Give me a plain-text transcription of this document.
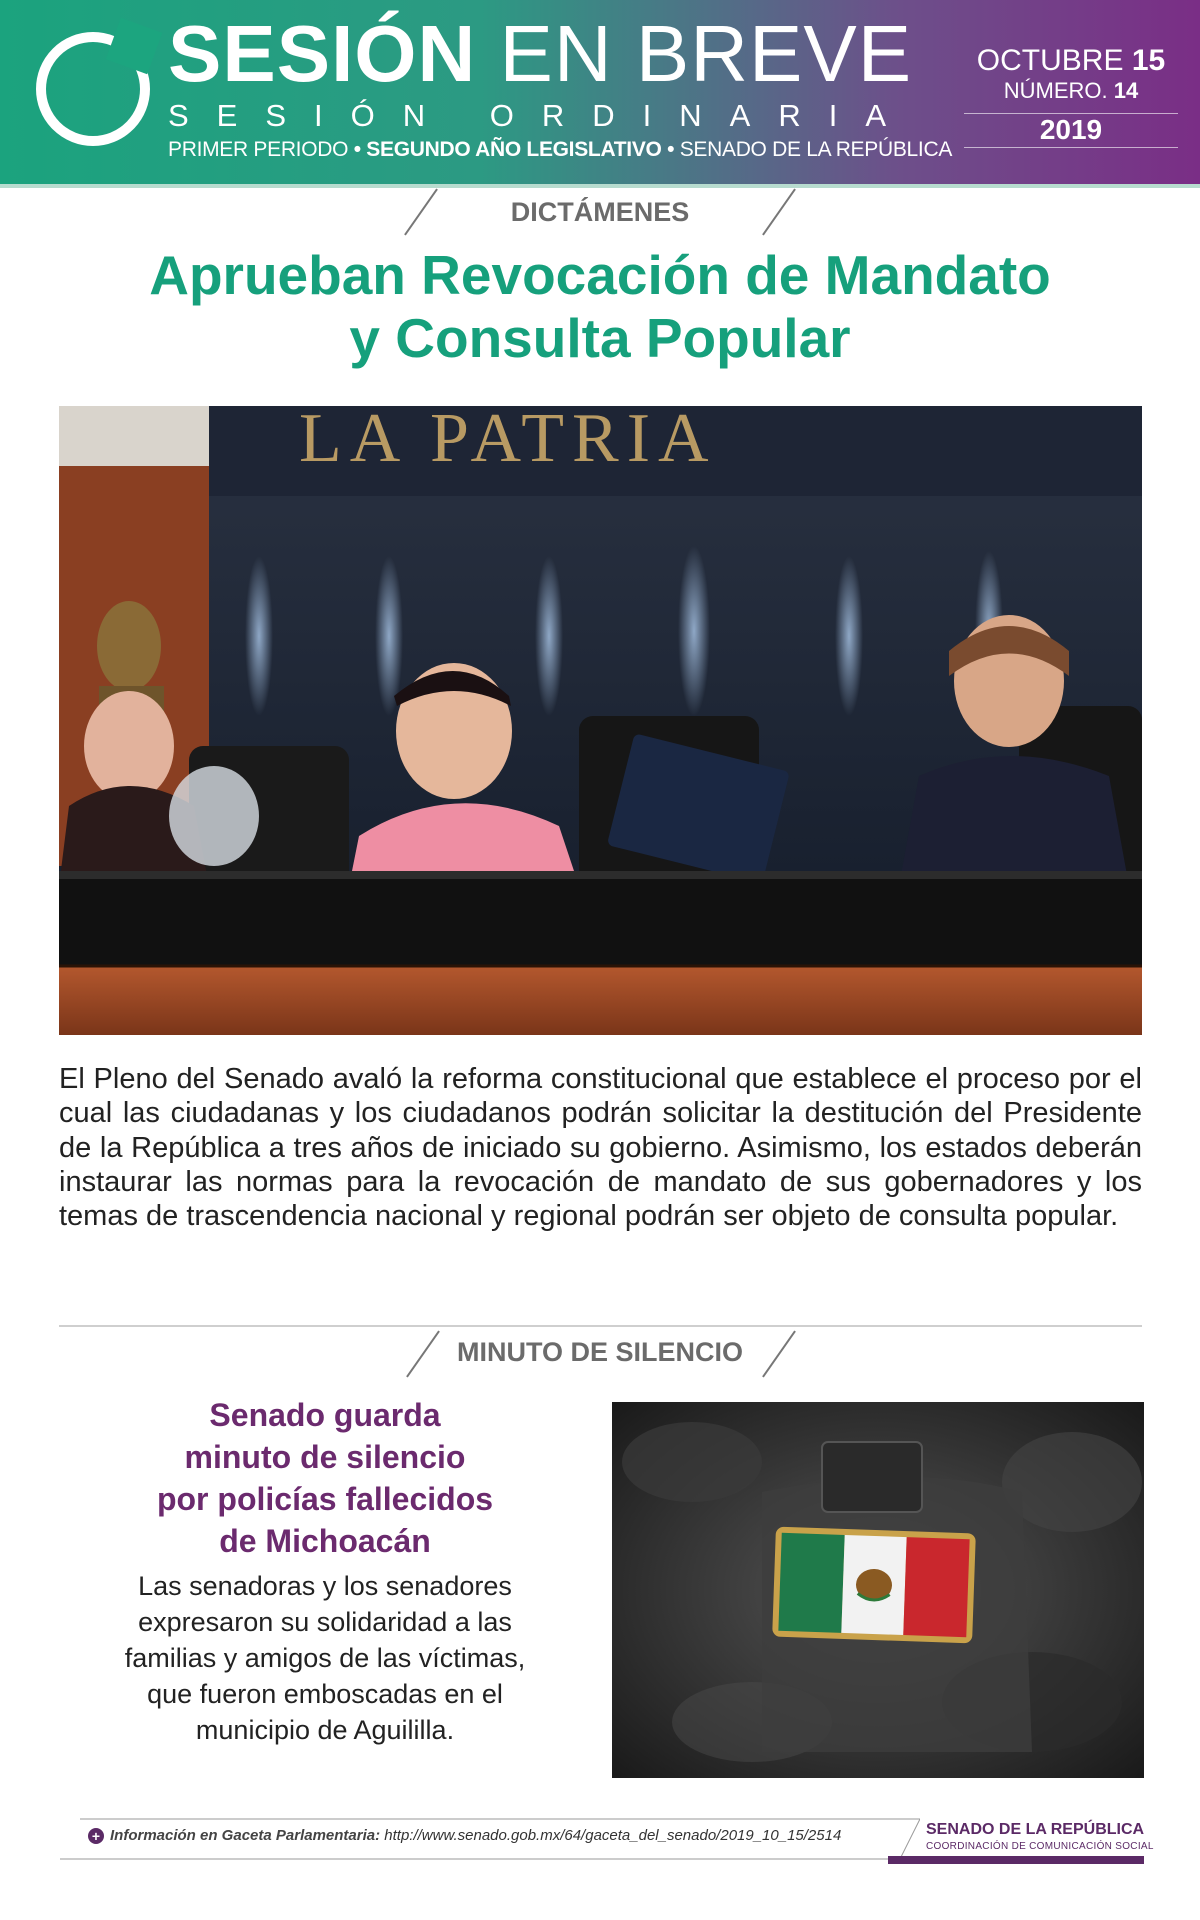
SESIÓN EN BREVE
SESIÓN ORDINARIA
PRIMER PERIODO • SEGUNDO AÑO LEGISLATIVO • SENADO DE LA REPÚBLICA
OCTUBRE 15
NÚMERO. 14
2019
DICTÁMENES
Aprueban Revocación de Mandato
y Consulta Popular
LA PATRIA
El Pleno del Senado avaló la reforma constitucional que establece el proceso por el cual las ciudadanas y los ciudadanos podrán solicitar la destitución del Presidente de la República a tres años de iniciado su gobierno. Asimismo, los estados deberán instaurar las normas para la revocación de mandato de sus gobernadores y los temas de trascendencia nacional y regional podrán ser objeto de consulta popular.
MINUTO DE SILENCIO
Senado guarda
minuto de silencio
por policías fallecidos
de Michoacán
Las senadoras y los senadores expresaron su solidaridad a las familias y amigos de las víctimas, que fueron emboscadas en el municipio de Aguililla.
+ Información en Gaceta Parlamentaria: http://www.senado.gob.mx/64/gaceta_del_senado/2019_10_15/2514	SENADO DE LA REPÚBLICA
COORDINACIÓN DE COMUNICACIÓN SOCIAL
